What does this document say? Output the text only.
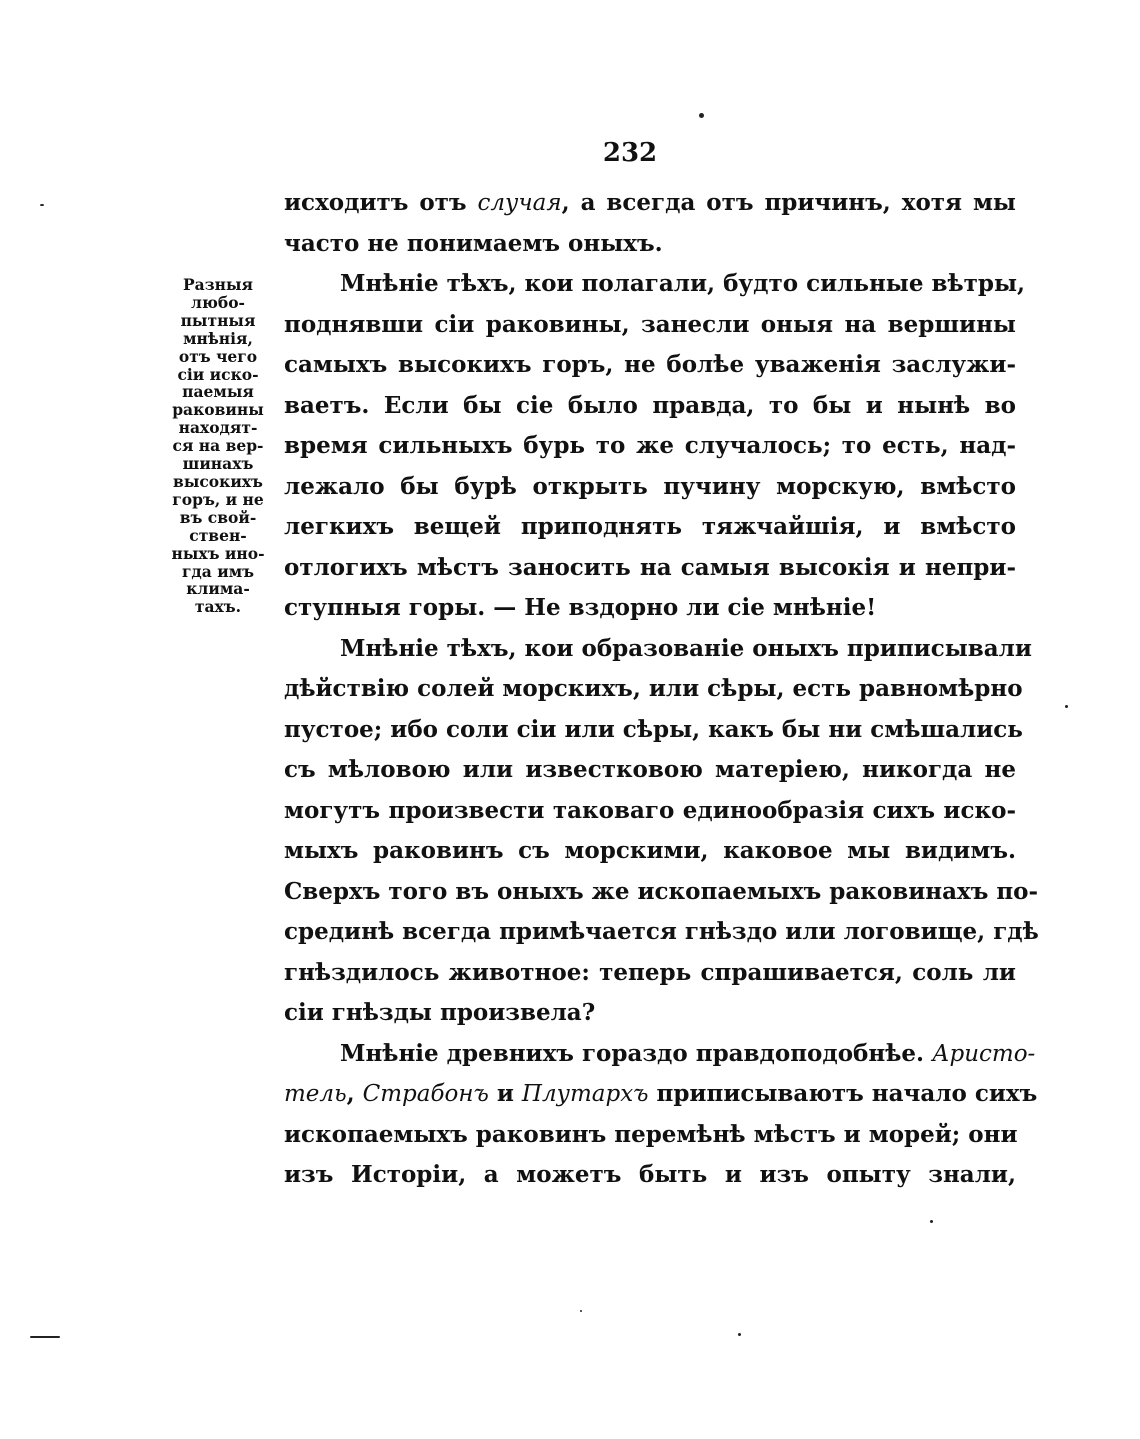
232
Разныя
любо-
пытныя
мнѣнія,
отъ чего
сіи иско-
паемыя
раковины
находят-
ся на вер-
шинахъ
высокихъ
горъ, и не
въ свой-
ствен-
ныхъ ино-
гда имъ
клима-
тахъ.
исходитъ отъ случая, а всегда отъ причинъ, хотя мы
часто не понимаемъ оныхъ.
Мнѣніе тѣхъ, кои полагали, будто сильные вѣтры,
поднявши сіи раковины, занесли оныя на вершины
самыхъ высокихъ горъ, не болѣе уваженія заслужи-
ваетъ. Если бы сіе было правда, то бы и нынѣ во
время сильныхъ бурь то же случалось; то есть, над-
лежало бы бурѣ открыть пучину морскую, вмѣсто
легкихъ вещей приподнять тяжчайшія, и вмѣсто
отлогихъ мѣстъ заносить на самыя высокія и непри-
ступныя горы. — Не вздорно ли сіе мнѣніе!
Мнѣніе тѣхъ, кои образованіе оныхъ приписывали
дѣйствію солей морскихъ, или сѣры, есть равномѣрно
пустое; ибо соли сіи или сѣры, какъ бы ни смѣшались
съ мѣловою или известковою матеріею, никогда не
могутъ произвести таковаго единообразія сихъ иско-
мыхъ раковинъ съ морскими, каковое мы видимъ.
Сверхъ того въ оныхъ же ископаемыхъ раковинахъ по-
срединѣ всегда примѣчается гнѣздо или логовище, гдѣ
гнѣздилось животное: теперь спрашивается, соль ли
сіи гнѣзды произвела?
Мнѣніе древнихъ гораздо правдоподобнѣе. Аристо-
тель, Страбонъ и Плутархъ приписываютъ начало сихъ
ископаемыхъ раковинъ перемѣнѣ мѣстъ и морей; они
изъ Исторіи, а можетъ быть и изъ опыту знали,
